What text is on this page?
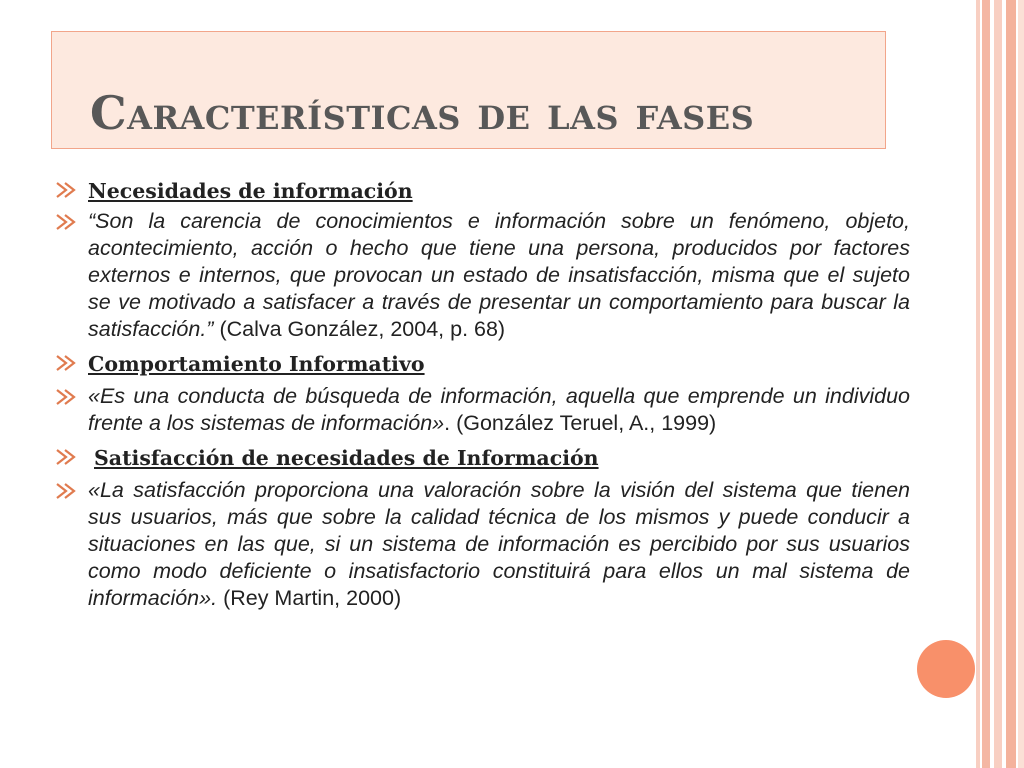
Características de las fases

Necesidades de información

“Son la carencia de conocimientos e información sobre un fenómeno, objeto, acontecimiento, acción o hecho que tiene una persona, producidos por factores externos e internos, que provocan un estado de insatisfacción, misma que el sujeto se ve motivado a satisfacer a través de presentar un comportamiento para buscar la satisfacción.” (Calva González, 2004, p. 68)

Comportamiento Informativo

«Es una conducta de búsqueda de información, aquella que emprende un individuo frente a los sistemas de información». (González Teruel, A., 1999)

Satisfacción de necesidades de Información

«La satisfacción proporciona una valoración sobre la visión del sistema que tienen sus usuarios, más que sobre la calidad técnica de los mismos y puede conducir a situaciones en las que, si un sistema de información es percibido por sus usuarios como modo deficiente o insatisfactorio constituirá para ellos un mal sistema de información». (Rey Martin, 2000)
